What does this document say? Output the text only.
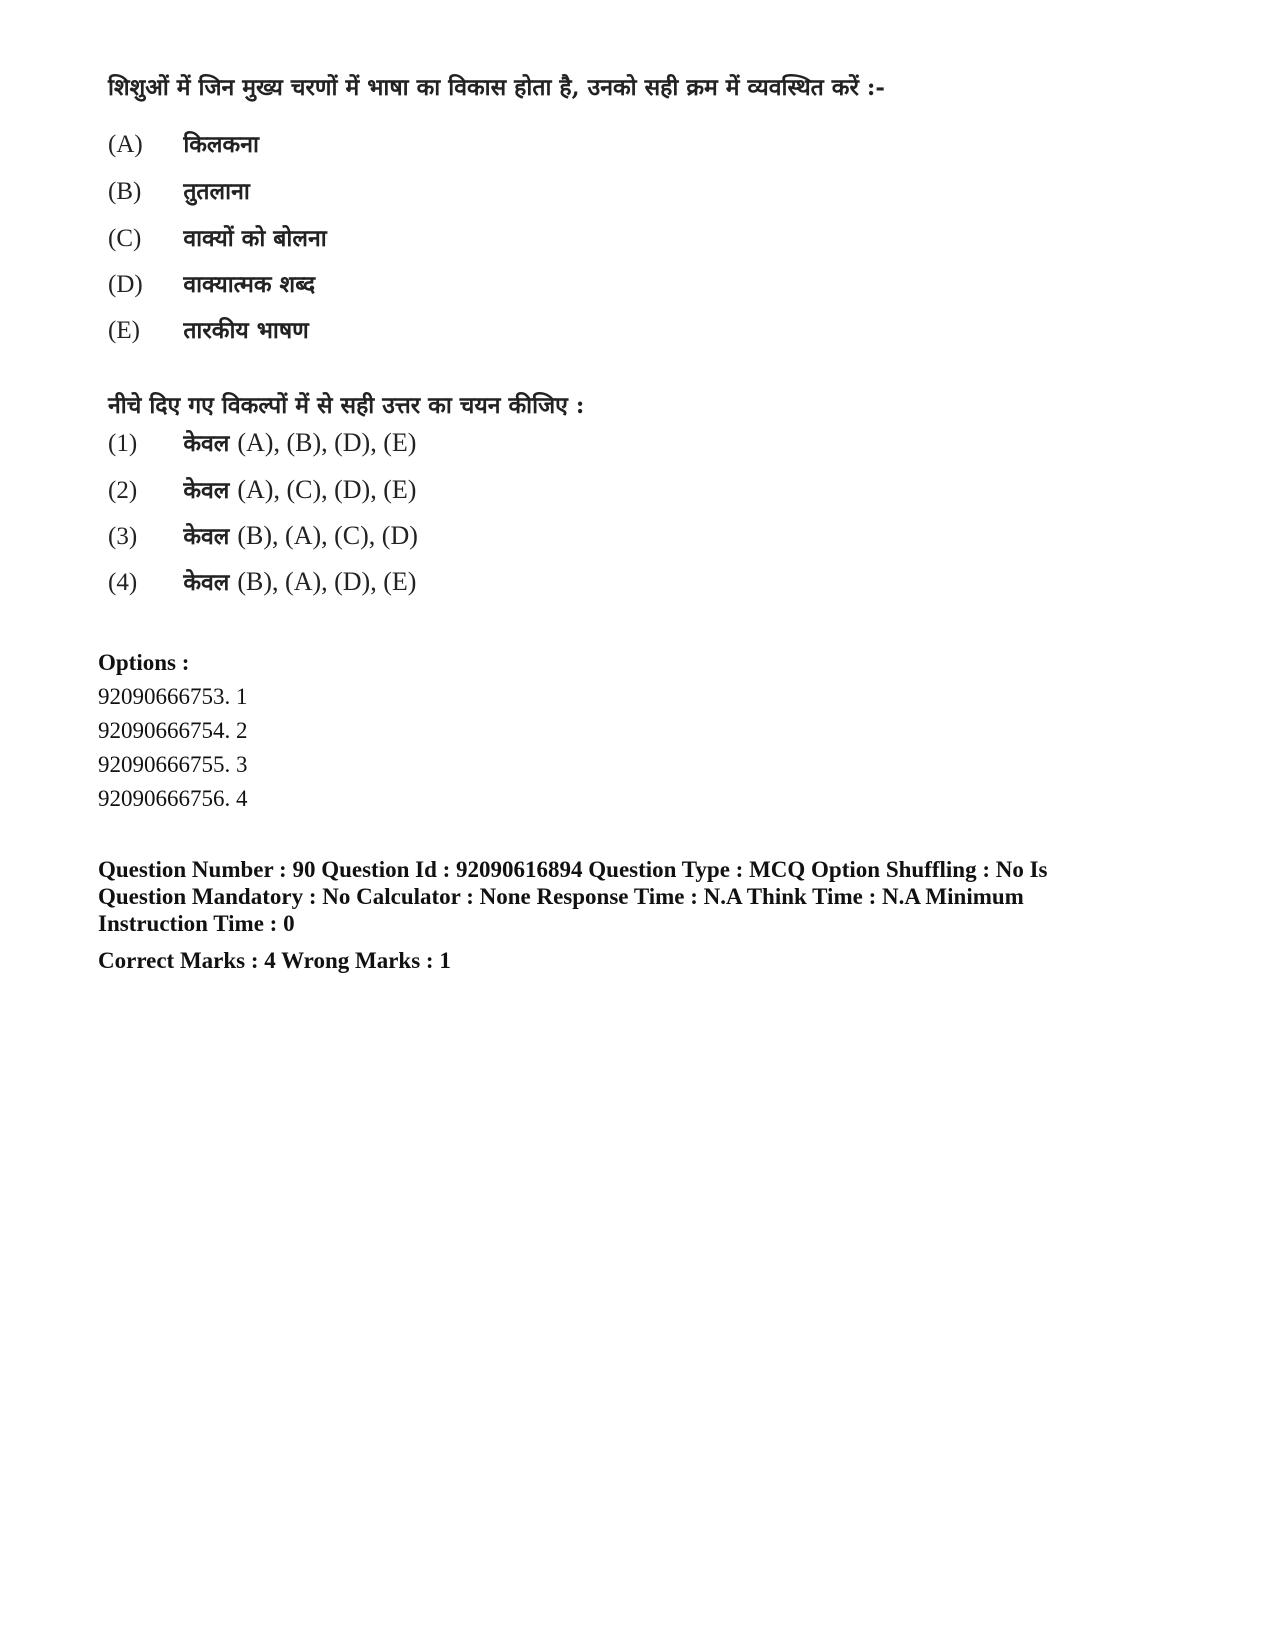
शिशुओं में जिन मुख्य चरणों में भाषा का विकास होता है, उनको सही क्रम में व्यवस्थित करें :-
(A) किलकना
(B) तुतलाना
(C) वाक्यों को बोलना
(D) वाक्यात्मक शब्द
(E) तारकीय भाषण
नीचे दिए गए विकल्पों में से सही उत्तर का चयन कीजिए :
(1) केवल (A), (B), (D), (E)
(2) केवल (A), (C), (D), (E)
(3) केवल (B), (A), (C), (D)
(4) केवल (B), (A), (D), (E)
Options :
92090666753. 1
92090666754. 2
92090666755. 3
92090666756. 4
Question Number : 90 Question Id : 92090616894 Question Type : MCQ Option Shuffling : No Is
Question Mandatory : No Calculator : None Response Time : N.A Think Time : N.A Minimum
Instruction Time : 0
Correct Marks : 4 Wrong Marks : 1
